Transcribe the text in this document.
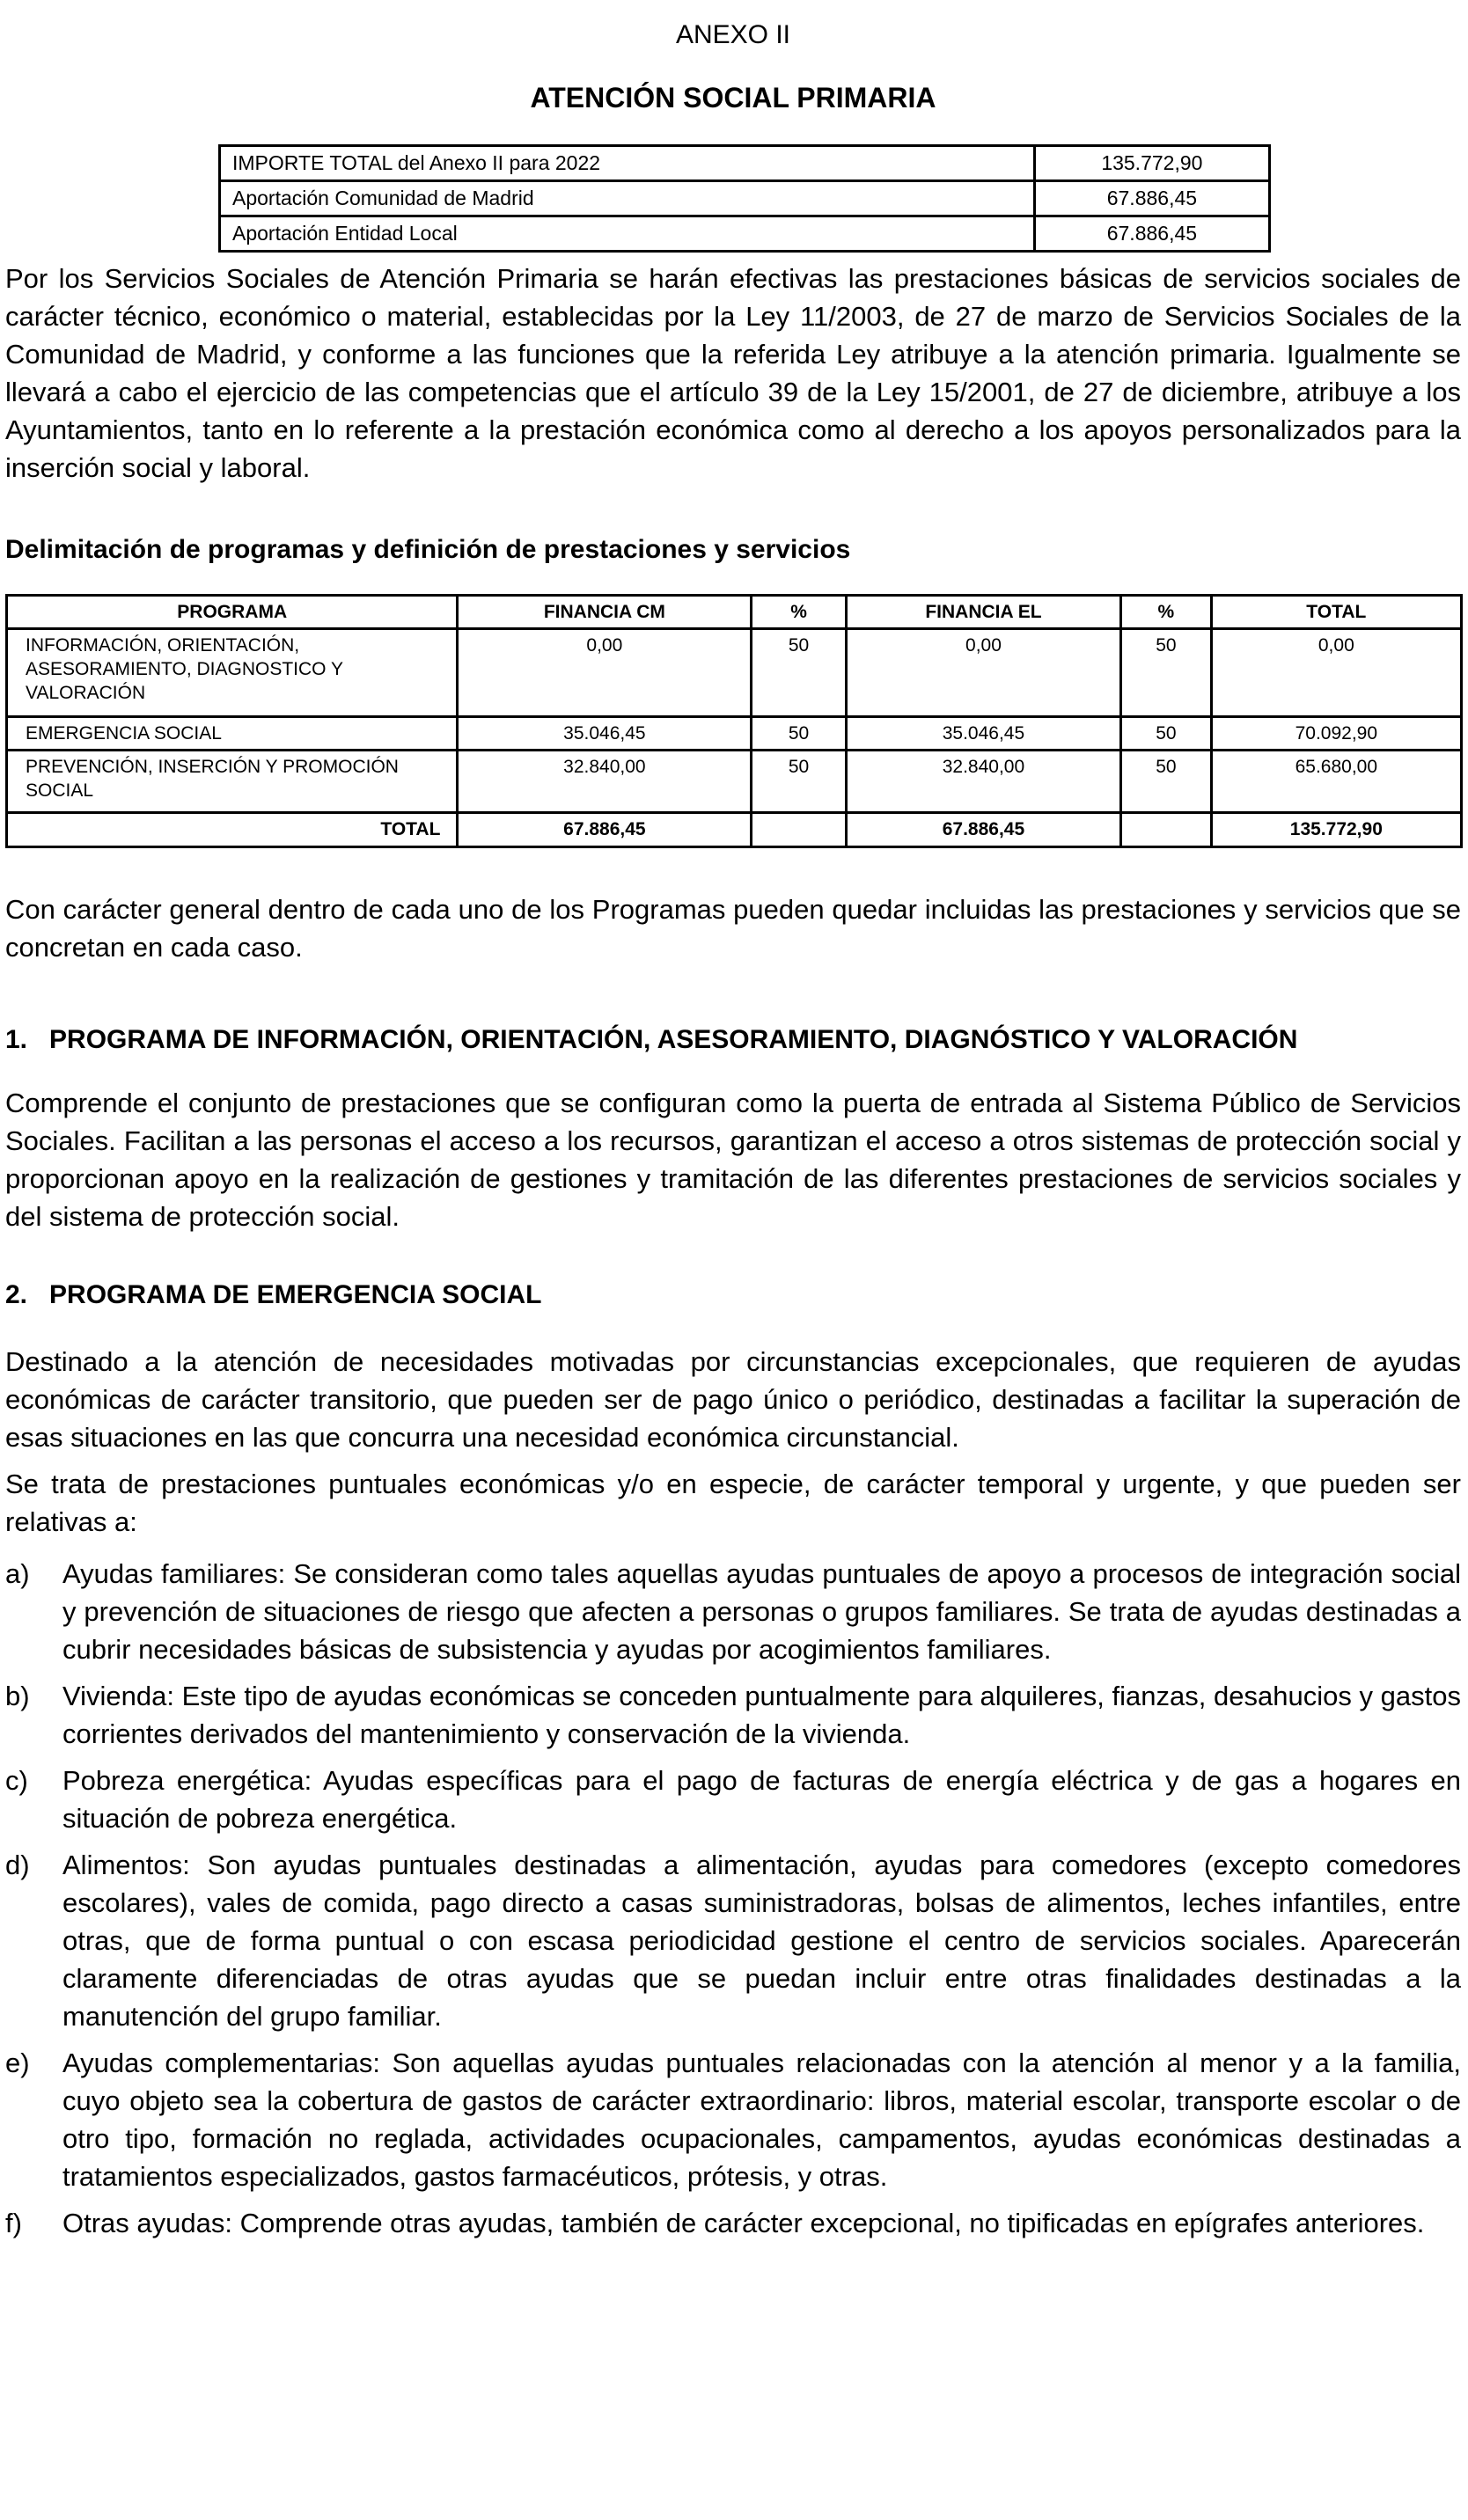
ANEXO II
ATENCIÓN SOCIAL PRIMARIA
IMPORTE TOTAL del Anexo II para 2022	135.772,90
Aportación Comunidad de Madrid	67.886,45
Aportación Entidad Local	67.886,45
Por los Servicios Sociales de Atención Primaria se harán efectivas las prestaciones básicas de servicios sociales de carácter técnico, económico o material, establecidas por la Ley 11/2003, de 27 de marzo de Servicios Sociales de la Comunidad de Madrid, y conforme a las funciones que la referida Ley atribuye a la atención primaria. Igualmente se llevará a cabo el ejercicio de las competencias que el artículo 39 de la Ley 15/2001, de 27 de diciembre, atribuye a los Ayuntamientos, tanto en lo referente a la prestación económica como al derecho a los apoyos personalizados para la inserción social y laboral.
Delimitación de programas y definición de prestaciones y servicios
PROGRAMA	FINANCIA CM	%	FINANCIA EL	%	TOTAL
INFORMACIÓN, ORIENTACIÓN, ASESORAMIENTO, DIAGNOSTICO Y VALORACIÓN	0,00	50	0,00	50	0,00
EMERGENCIA SOCIAL	35.046,45	50	35.046,45	50	70.092,90
PREVENCIÓN, INSERCIÓN Y PROMOCIÓN SOCIAL	32.840,00	50	32.840,00	50	65.680,00
TOTAL	67.886,45		67.886,45		135.772,90
Con carácter general dentro de cada uno de los Programas pueden quedar incluidas las prestaciones y servicios que se concretan en cada caso.
1.   PROGRAMA DE INFORMACIÓN, ORIENTACIÓN, ASESORAMIENTO, DIAGNÓSTICO Y VALORACIÓN
Comprende el conjunto de prestaciones que se configuran como la puerta de entrada al Sistema Público de Servicios Sociales. Facilitan a las personas el acceso a los recursos, garantizan el acceso a otros sistemas de protección social y proporcionan apoyo en la realización de gestiones y tramitación de las diferentes prestaciones de servicios sociales y del sistema de protección social.
2.   PROGRAMA DE EMERGENCIA SOCIAL
Destinado a la atención de necesidades motivadas por circunstancias excepcionales, que requieren de ayudas económicas de carácter transitorio, que pueden ser de pago único o periódico, destinadas a facilitar la superación de esas situaciones en las que concurra una necesidad económica circunstancial.
Se trata de prestaciones puntuales económicas y/o en especie, de carácter temporal y urgente, y que pueden ser relativas a:
a) Ayudas familiares: Se consideran como tales aquellas ayudas puntuales de apoyo a procesos de integración social y prevención de situaciones de riesgo que afecten a personas o grupos familiares. Se trata de ayudas destinadas a cubrir necesidades básicas de subsistencia y ayudas por acogimientos familiares.
b) Vivienda: Este tipo de ayudas económicas se conceden puntualmente para alquileres, fianzas, desahucios y gastos corrientes derivados del mantenimiento y conservación de la vivienda.
c) Pobreza energética: Ayudas específicas para el pago de facturas de energía eléctrica y de gas a hogares en situación de pobreza energética.
d) Alimentos: Son ayudas puntuales destinadas a alimentación, ayudas para comedores (excepto comedores escolares), vales de comida, pago directo a casas suministradoras, bolsas de alimentos, leches infantiles, entre otras, que de forma puntual o con escasa periodicidad gestione el centro de servicios sociales. Aparecerán claramente diferenciadas de otras ayudas que se puedan incluir entre otras finalidades destinadas a la manutención del grupo familiar.
e) Ayudas complementarias: Son aquellas ayudas puntuales relacionadas con la atención al menor y a la familia, cuyo objeto sea la cobertura de gastos de carácter extraordinario: libros, material escolar, transporte escolar o de otro tipo, formación no reglada, actividades ocupacionales, campamentos, ayudas económicas destinadas a tratamientos especializados, gastos farmacéuticos, prótesis, y otras.
f) Otras ayudas: Comprende otras ayudas, también de carácter excepcional, no tipificadas en epígrafes anteriores.
